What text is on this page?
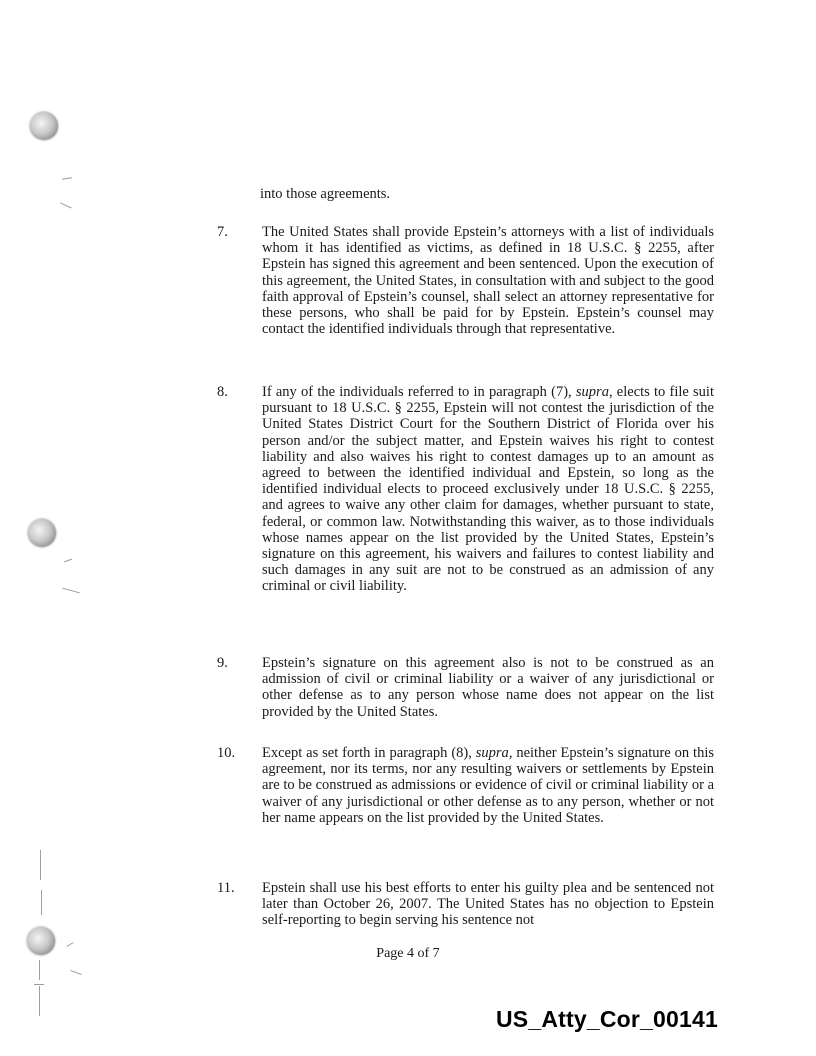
into those agreements.
7.	The United States shall provide Epstein’s attorneys with a list of individuals whom it has identified as victims, as defined in 18 U.S.C. § 2255, after Epstein has signed this agreement and been sentenced. Upon the execution of this agreement, the United States, in consultation with and subject to the good faith approval of Epstein’s counsel, shall select an attorney representative for these persons, who shall be paid for by Epstein. Epstein’s counsel may contact the identified individuals through that representative.
8.	If any of the individuals referred to in paragraph (7), supra, elects to file suit pursuant to 18 U.S.C. § 2255, Epstein will not contest the jurisdiction of the United States District Court for the Southern District of Florida over his person and/or the subject matter, and Epstein waives his right to contest liability and also waives his right to contest damages up to an amount as agreed to between the identified individual and Epstein, so long as the identified individual elects to proceed exclusively under 18 U.S.C. § 2255, and agrees to waive any other claim for damages, whether pursuant to state, federal, or common law. Notwithstanding this waiver, as to those individuals whose names appear on the list provided by the United States, Epstein’s signature on this agreement, his waivers and failures to contest liability and such damages in any suit are not to be construed as an admission of any criminal or civil liability.
9.	Epstein’s signature on this agreement also is not to be construed as an admission of civil or criminal liability or a waiver of any jurisdictional or other defense as to any person whose name does not appear on the list provided by the United States.
10.	Except as set forth in paragraph (8), supra, neither Epstein’s signature on this agreement, nor its terms, nor any resulting waivers or settlements by Epstein are to be construed as admissions or evidence of civil or criminal liability or a waiver of any jurisdictional or other defense as to any person, whether or not her name appears on the list provided by the United States.
11.	Epstein shall use his best efforts to enter his guilty plea and be sentenced not later than October 26, 2007. The United States has no objection to Epstein self-reporting to begin serving his sentence not
Page 4 of 7
US_Atty_Cor_00141
